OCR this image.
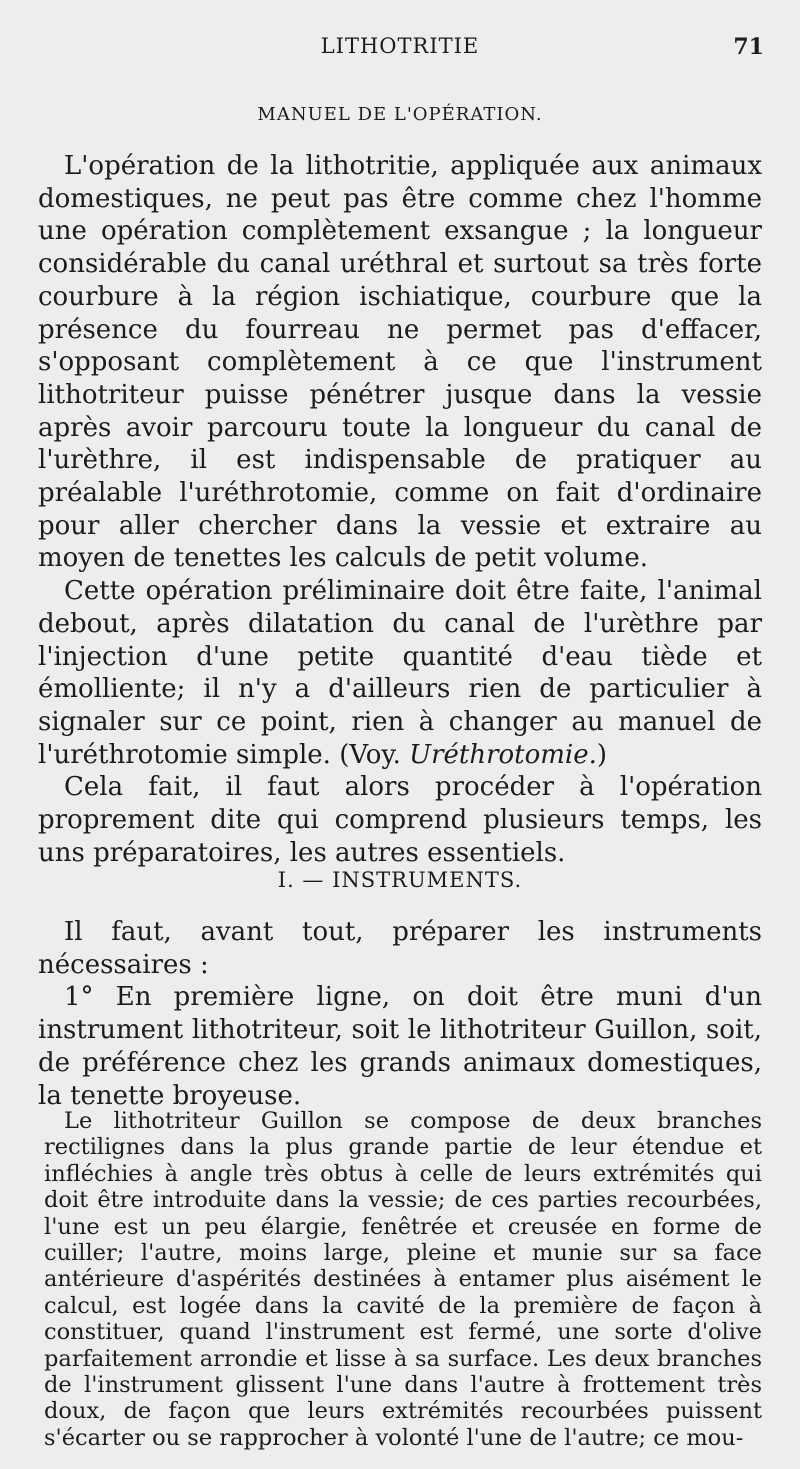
LITHOTRITIE	71
MANUEL DE L'OPÉRATION.

L'opération de la lithotritie, appliquée aux animaux domestiques, ne peut pas être comme chez l'homme une opération complètement exsangue ; la longueur considérable du canal uréthral et surtout sa très forte courbure à la région ischiatique, courbure que la présence du fourreau ne permet pas d'effacer, s'opposant complètement à ce que l'instrument lithotriteur puisse pénétrer jusque dans la vessie après avoir parcouru toute la longueur du canal de l'urèthre, il est indispensable de pratiquer au préalable l'uréthrotomie, comme on fait d'ordinaire pour aller chercher dans la vessie et extraire au moyen de tenettes les calculs de petit volume.

Cette opération préliminaire doit être faite, l'animal debout, après dilatation du canal de l'urèthre par l'injection d'une petite quantité d'eau tiède et émolliente; il n'y a d'ailleurs rien de particulier à signaler sur ce point, rien à changer au manuel de l'uréthrotomie simple. (Voy. Uréthrotomie.)

Cela fait, il faut alors procéder à l'opération proprement dite qui comprend plusieurs temps, les uns préparatoires, les autres essentiels.

I. — INSTRUMENTS.

Il faut, avant tout, préparer les instruments nécessaires :

1° En première ligne, on doit être muni d'un instrument lithotriteur, soit le lithotriteur Guillon, soit, de préférence chez les grands animaux domestiques, la tenette broyeuse.

Le lithotriteur Guillon se compose de deux branches rectilignes dans la plus grande partie de leur étendue et infléchies à angle très obtus à celle de leurs extrémités qui doit être introduite dans la vessie; de ces parties recourbées, l'une est un peu élargie, fenêtrée et creusée en forme de cuiller; l'autre, moins large, pleine et munie sur sa face antérieure d'aspérités destinées à entamer plus aisément le calcul, est logée dans la cavité de la première de façon à constituer, quand l'instrument est fermé, une sorte d'olive parfaitement arrondie et lisse à sa surface. Les deux branches de l'instrument glissent l'une dans l'autre à frottement très doux, de façon que leurs extrémités recourbées puissent s'écarter ou se rapprocher à volonté l'une de l'autre; ce mou-
